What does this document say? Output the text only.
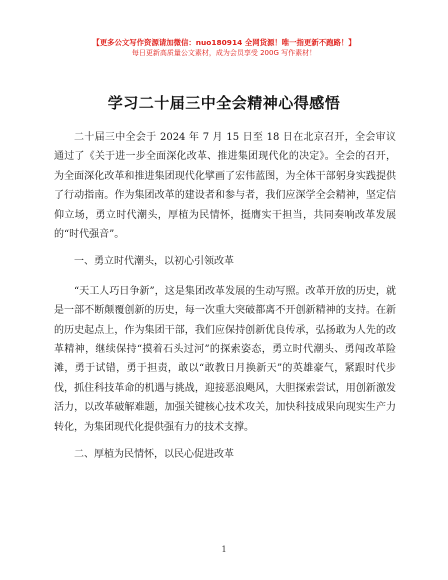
【更多公文写作资源请加微信：nuo180914 全网货源！唯一指更新不跑路！】
每日更新高质量公文素材，成为会员享受 200G 写作素材！
学习二十届三中全会精神心得感悟

二十届三中全会于 2024 年 7 月 15 日至 18 日在北京召开，全会审议通过了《关于进一步全面深化改革、推进集团现代化的决定》。全会的召开，为全面深化改革和推进集团现代化擘画了宏伟蓝图，为全体干部躬身实践提供了行动指南。作为集团改革的建设者和参与者，我们应深学全会精神，坚定信仰立场，勇立时代潮头，厚植为民情怀，挺膺实干担当，共同奏响改革发展的“时代强音”。

一、勇立时代潮头，以初心引领改革

“天工人巧日争新”，这是集团改革发展的生动写照。改革开放的历史，就是一部不断颠覆创新的历史，每一次重大突破都离不开创新精神的支持。在新的历史起点上，作为集团干部，我们应保持创新优良传承，弘扬敢为人先的改革精神，继续保持“摸着石头过河”的探索姿态，勇立时代潮头、勇闯改革险滩，勇于试错，勇于担责，敢以“敢教日月换新天”的英雄豪气，紧跟时代步伐，抓住科技革命的机遇与挑战，迎接恶浪飓风，大胆探索尝试，用创新激发活力，以改革破解难题，加强关键核心技术攻关，加快科技成果向现实生产力转化，为集团现代化提供强有力的技术支撑。

二、厚植为民情怀，以民心促进改革

1
